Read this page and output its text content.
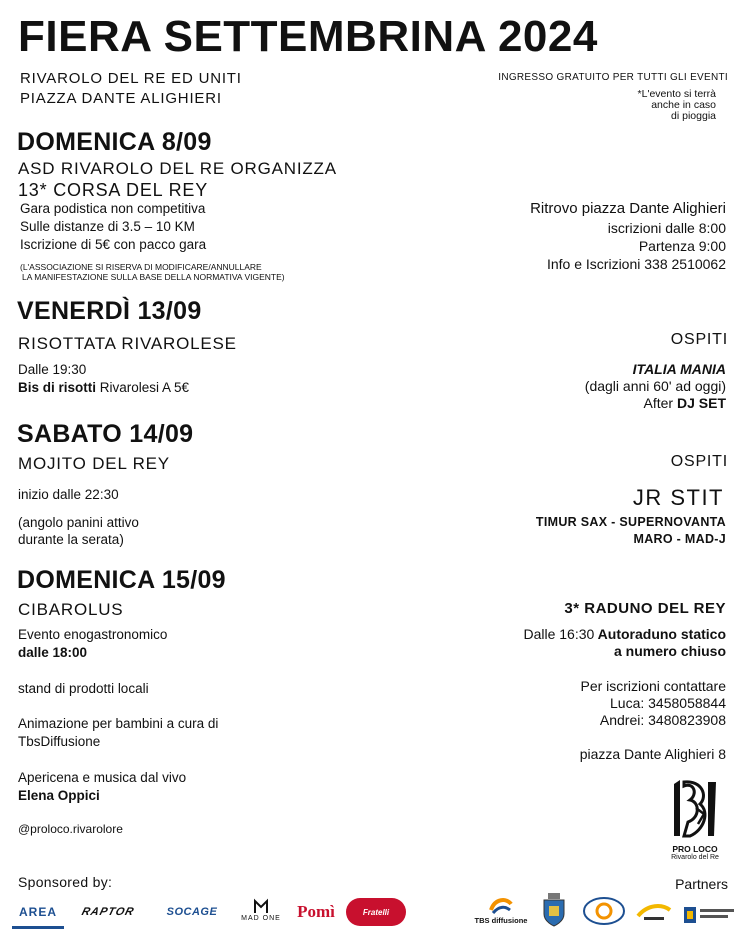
FIERA SETTEMBRINA 2024
RIVAROLO DEL RE ED UNITI
PIAZZA DANTE ALIGHIERI
INGRESSO GRATUITO PER TUTTI GLI EVENTI
*L'evento si terrà
anche in caso
di pioggia
DOMENICA 8/09
ASD RIVAROLO DEL RE ORGANIZZA
13* CORSA DEL REY
Gara podistica non competitiva
Sulle distanze di 3.5 – 10 KM
Iscrizione di 5€ con pacco gara
(L'ASSOCIAZIONE SI RISERVA DI MODIFICARE/ANNULLARE
LA MANIFESTAZIONE SULLA BASE DELLA NORMATIVA VIGENTE)
Ritrovo piazza Dante Alighieri
iscrizioni dalle 8:00
Partenza 9:00
Info e Iscrizioni 338 2510062
VENERDÌ 13/09
RISOTTATA RIVAROLESE
Dalle 19:30
Bis di risotti Rivarolesi A 5€
OSPITI
ITALIA MANIA
(dagli anni 60' ad oggi)
After DJ SET
SABATO 14/09
MOJITO DEL REY
inizio dalle 22:30
(angolo panini attivo
durante la serata)
OSPITI
JR STIT
TIMUR SAX - SUPERNOVANTA
MARO - MAD-J
DOMENICA 15/09
CIBAROLUS
Evento enogastronomico
dalle 18:00
stand di prodotti locali
Animazione per bambini a cura di
TbsDiffusione
Apericena e musica dal vivo
Elena Oppici
@proloco.rivarolore
3* RADUNO DEL REY
Dalle 16:30 Autoraduno statico
a numero chiuso
Per iscrizioni contattare
Luca: 3458058844
Andrei: 3480823908
piazza Dante Alighieri 8
PRO LOCO
Rivarolo del Re
Sponsored by:	Partners
AREA	RAPTOR	SOCAGE	MAD ONE Pomì	Fratelli
TBS diffusione
